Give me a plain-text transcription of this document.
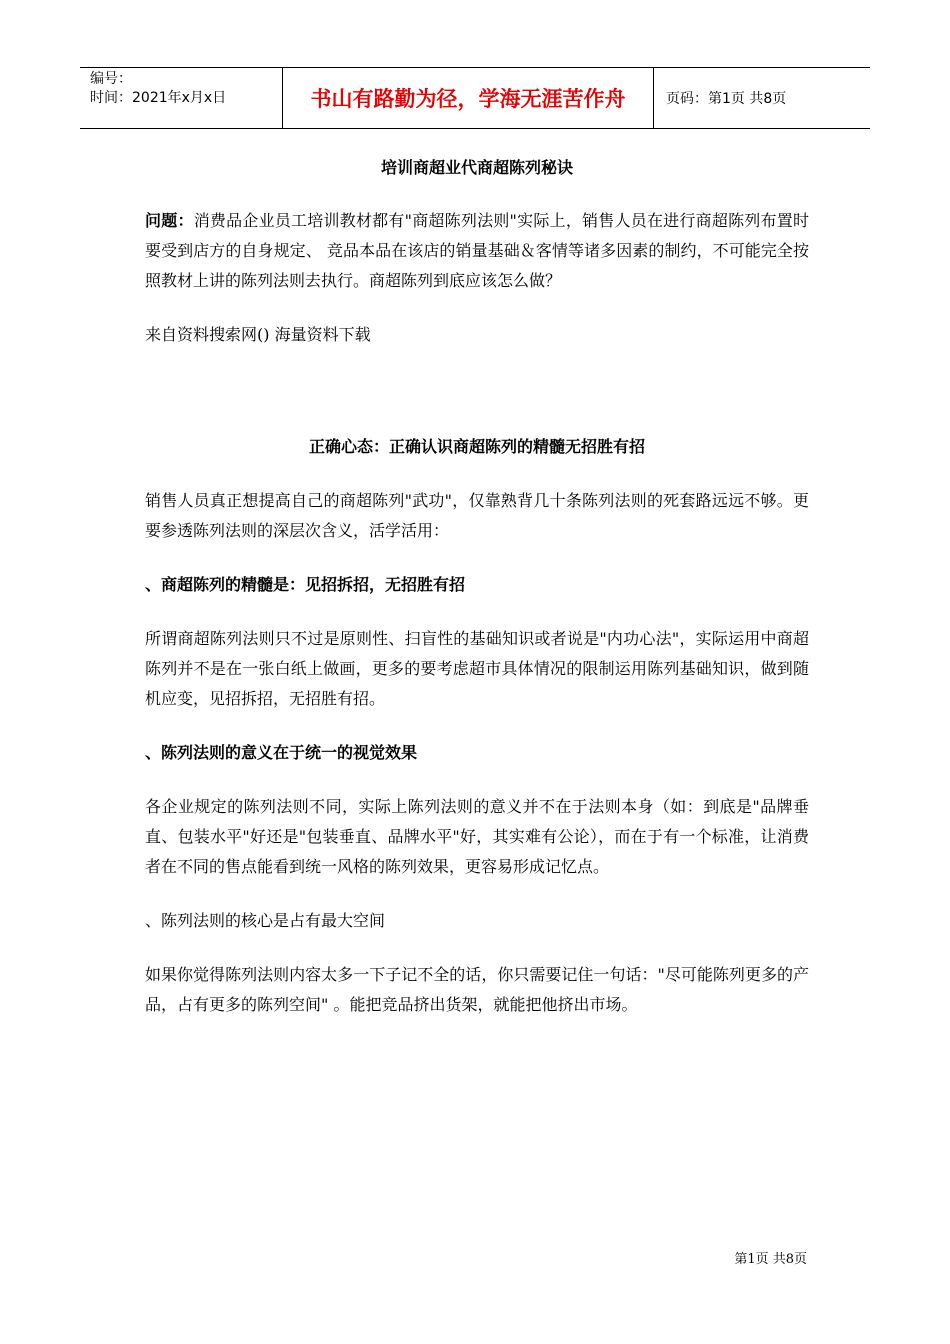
编号：
时间：2021年x月x日	书山有路勤为径，学海无涯苦作舟	页码：第1页 共8页
培训商超业代商超陈列秘诀

问题：消费品企业员工培训教材都有"商超陈列法则"实际上，销售人员在进行商超陈列布置时要受到店方的自身规定、 竞品本品在该店的销量基础＆客情等诸多因素的制约，不可能完全按照教材上讲的陈列法则去执行。商超陈列到底应该怎么做？

来自资料搜索网() 海量资料下载

正确心态：正确认识商超陈列的精髓无招胜有招

销售人员真正想提高自己的商超陈列"武功"，仅靠熟背几十条陈列法则的死套路远远不够。更要参透陈列法则的深层次含义，活学活用：

、商超陈列的精髓是：见招拆招，无招胜有招

所谓商超陈列法则只不过是原则性、扫盲性的基础知识或者说是"内功心法"，实际运用中商超陈列并不是在一张白纸上做画，更多的要考虑超市具体情况的限制运用陈列基础知识，做到随机应变，见招拆招，无招胜有招。

、陈列法则的意义在于统一的视觉效果

各企业规定的陈列法则不同，实际上陈列法则的意义并不在于法则本身（如：到底是"品牌垂直、包装水平"好还是"包装垂直、品牌水平"好，其实难有公论），而在于有一个标准，让消费者在不同的售点能看到统一风格的陈列效果，更容易形成记忆点。

、陈列法则的核心是占有最大空间

如果你觉得陈列法则内容太多一下子记不全的话，你只需要记住一句话："尽可能陈列更多的产品，占有更多的陈列空间" 。能把竞品挤出货架，就能把他挤出市场。

第1页 共8页
